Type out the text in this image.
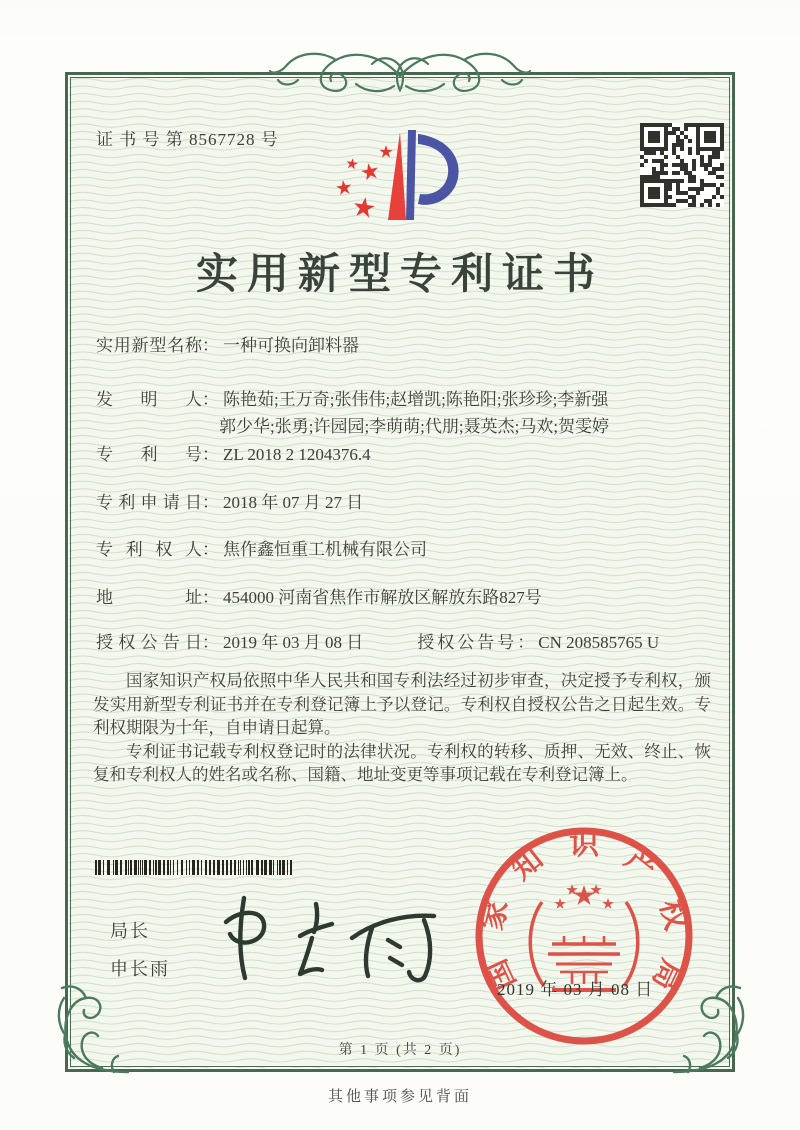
证 书 号 第 8567728 号
实用新型专利证书
实用新型名称： 一种可换向卸料器
发明人： 陈艳茹;王万奇;张伟伟;赵增凯;陈艳阳;张珍珍;李新强
郭少华;张勇;许园园;李萌萌;代朋;聂英杰;马欢;贺雯婷
专利号： ZL 2018 2 1204376.4
专利申请日： 2018 年 07 月 27 日
专利权人： 焦作鑫恒重工机械有限公司
地址： 454000 河南省焦作市解放区解放东路827号
授权公告日： 2019 年 03 月 08 日	授权公告号： CN 208585765 U

国家知识产权局依照中华人民共和国专利法经过初步审查，决定授予专利权，颁发实用新型专利证书并在专利登记簿上予以登记。专利权自授权公告之日起生效。专利权期限为十年，自申请日起算。

专利证书记载专利权登记时的法律状况。专利权的转移、质押、无效、终止、恢复和专利权人的姓名或名称、国籍、地址变更等事项记载在专利登记簿上。

局长
申长雨	国
家
知 识 产
权
局
2019 年 03 月 08 日
第 1 页 (共 2 页)
其他事项参见背面
